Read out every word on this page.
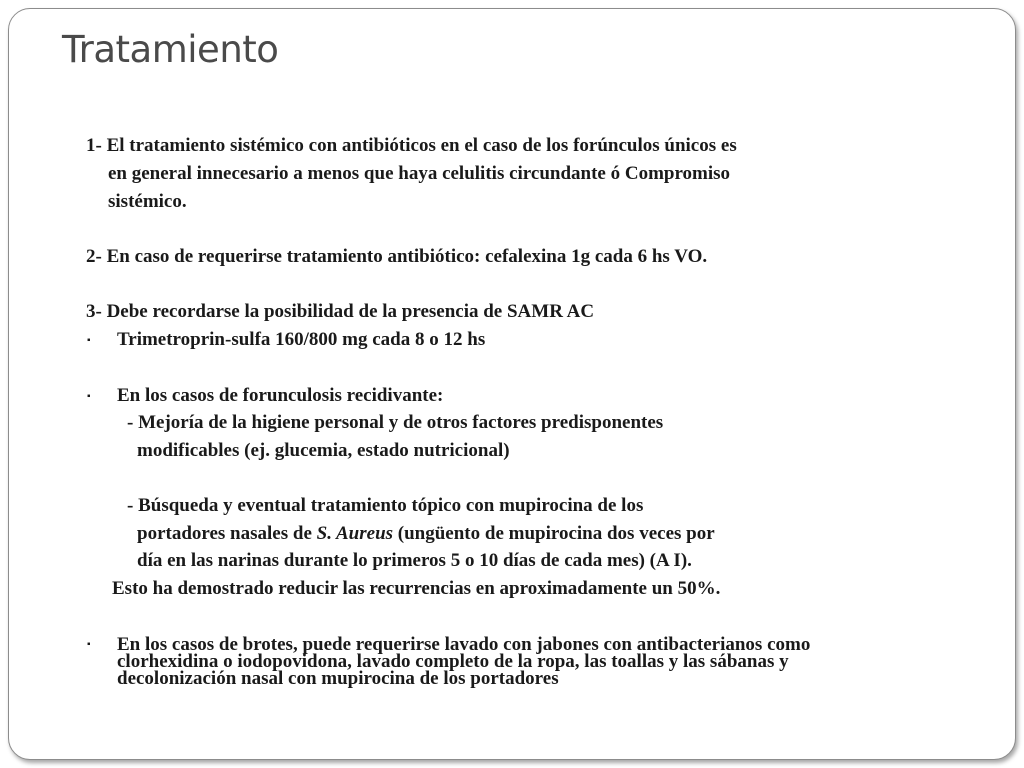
Tratamiento
1- El tratamiento sistémico con antibióticos en el caso de los forúnculos únicos es
en general innecesario a menos que haya celulitis circundante ó Compromiso
sistémico.
2- En caso de requerirse tratamiento antibiótico: cefalexina 1g cada 6 hs VO.
3- Debe recordarse la posibilidad de la presencia de SAMR AC
▪ Trimetroprin-sulfa 160/800 mg cada 8 o 12 hs
▪ En los casos de forunculosis recidivante:
- Mejoría de la higiene personal y de otros factores predisponentes
modificables (ej. glucemia, estado nutricional)
- Búsqueda y eventual tratamiento tópico con mupirocina de los
portadores nasales de S. Aureus (ungüento de mupirocina dos veces por
día en las narinas durante lo primeros 5 o 10 días de cada mes) (A I).
Esto ha demostrado reducir las recurrencias en aproximadamente un 50%.
▪ En los casos de brotes, puede requerirse lavado con jabones con antibacterianos como
clorhexidina o iodopovidona, lavado completo de la ropa, las toallas y las sábanas y
decolonización nasal con mupirocina de los portadores
